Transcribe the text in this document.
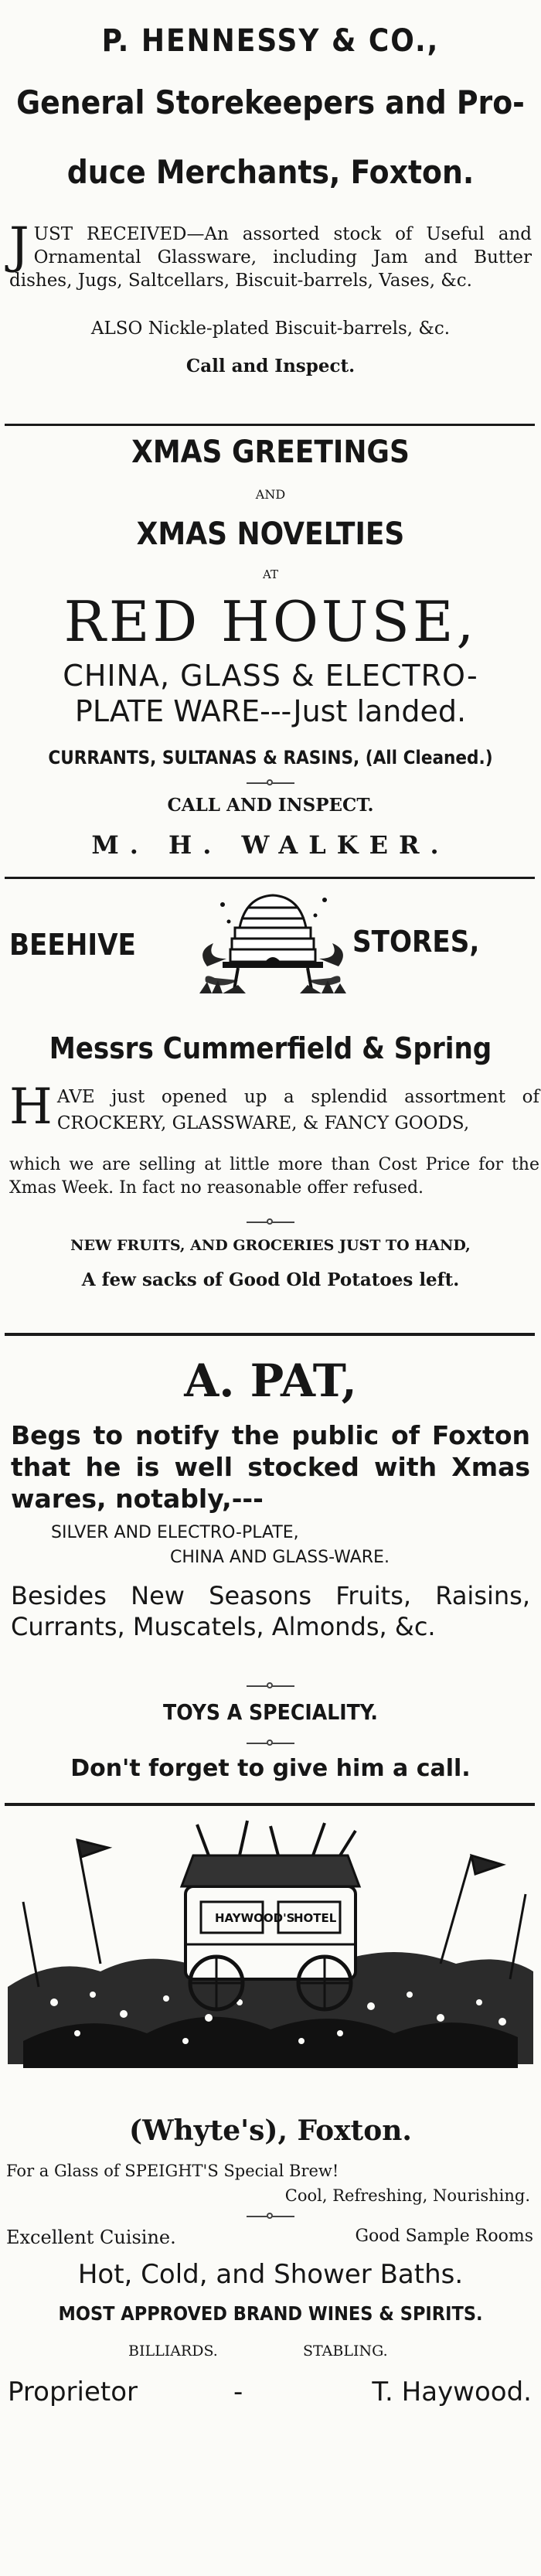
P. HENNESSY & CO.,
General Storekeepers and Pro-
duce Merchants, Foxton.
J UST RECEIVED—An assorted stock of Useful and Ornamental Glassware, including Jam and Butter dishes, Jugs, Saltcellars, Biscuit-barrels, Vases, &c.
ALSO Nickle-plated Biscuit-barrels, &c.
Call and Inspect.
XMAS GREETINGS
AND
XMAS NOVELTIES
AT
RED HOUSE,
CHINA, GLASS & ELECTRO-
PLATE WARE---Just landed.
CURRANTS, SULTANAS & RASINS, (All Cleaned.)
CALL AND INSPECT.
M. H. WALKER.
BEEHIVE	STORES,
Messrs Cummerfield & Spring
H AVE just opened up a splendid assortment of CROCKERY, GLASSWARE, & FANCY GOODS,
which we are selling at little more than Cost Price for the Xmas Week. In fact no reasonable offer refused.
NEW FRUITS, AND GROCERIES JUST TO HAND,
A few sacks of Good Old Potatoes left.
A. PAT,
Begs to notify the public of Foxton that he is well stocked with Xmas wares, notably,---
SILVER AND ELECTRO-PLATE,
CHINA AND GLASS-WARE.
Besides New Seasons Fruits, Raisins, Currants, Muscatels, Almonds, &c.
TOYS A SPECIALITY.
Don't forget to give him a call.
HAYWOOD'S
HOTEL
(Whyte's), Foxton.
For a Glass of SPEIGHT'S Special Brew!
Cool, Refreshing, Nourishing.
Excellent Cuisine.	Good Sample Rooms
Hot, Cold, and Shower Baths.
MOST APPROVED BRAND WINES & SPIRITS.
BILLIARDS.	STABLING.
Proprietor	-	T. Haywood.
